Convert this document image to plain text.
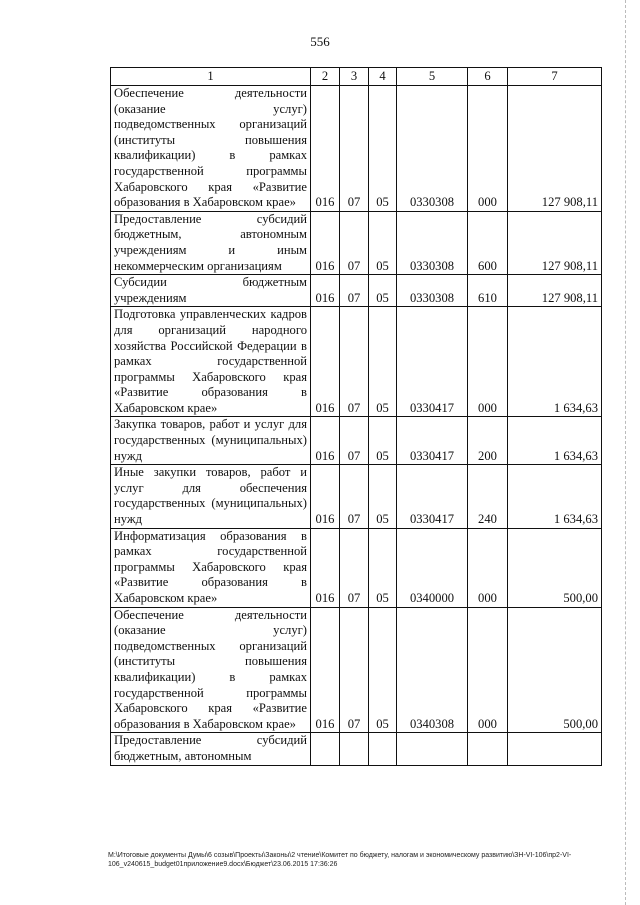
556
1	2	3	4	5	6	7
Обеспечение деятельности (оказание услуг) подведомственных организаций (институты повышения квалификации) в рамках государственной программы Хабаровского края «Развитие образования в Хабаровском крае»	016	07	05	0330308	000	127 908,11
Предоставление субсидий бюджетным, автономным учреждениям и иным некоммерческим организациям	016	07	05	0330308	600	127 908,11
Субсидии бюджетным учреждениям	016	07	05	0330308	610	127 908,11
Подготовка управленческих кадров для организаций народного хозяйства Российской Федерации в рамках государственной программы Хабаровского края «Развитие образования в Хабаровском крае»	016	07	05	0330417	000	1 634,63
Закупка товаров, работ и услуг для государственных (муниципальных) нужд	016	07	05	0330417	200	1 634,63
Иные закупки товаров, работ и услуг для обеспечения государственных (муниципальных) нужд	016	07	05	0330417	240	1 634,63
Информатизация образования в рамках государственной программы Хабаровского края «Развитие образования в Хабаровском крае»	016	07	05	0340000	000	500,00
Обеспечение деятельности (оказание услуг) подведомственных организаций (институты повышения квалификации) в рамках государственной программы Хабаровского края «Развитие образования в Хабаровском крае»	016	07	05	0340308	000	500,00
Предоставление субсидий бюджетным, автономным						
M:\Итоговые документы Думы\6 созыв\Проекты\Законы\2 чтение\Комитет по бюджету, налогам и экономическому развитию\ЗН-VI-106\пр2-VI-106_v240615_budget01приложение9.docx\Бюджет\23.06.2015 17:36:26
